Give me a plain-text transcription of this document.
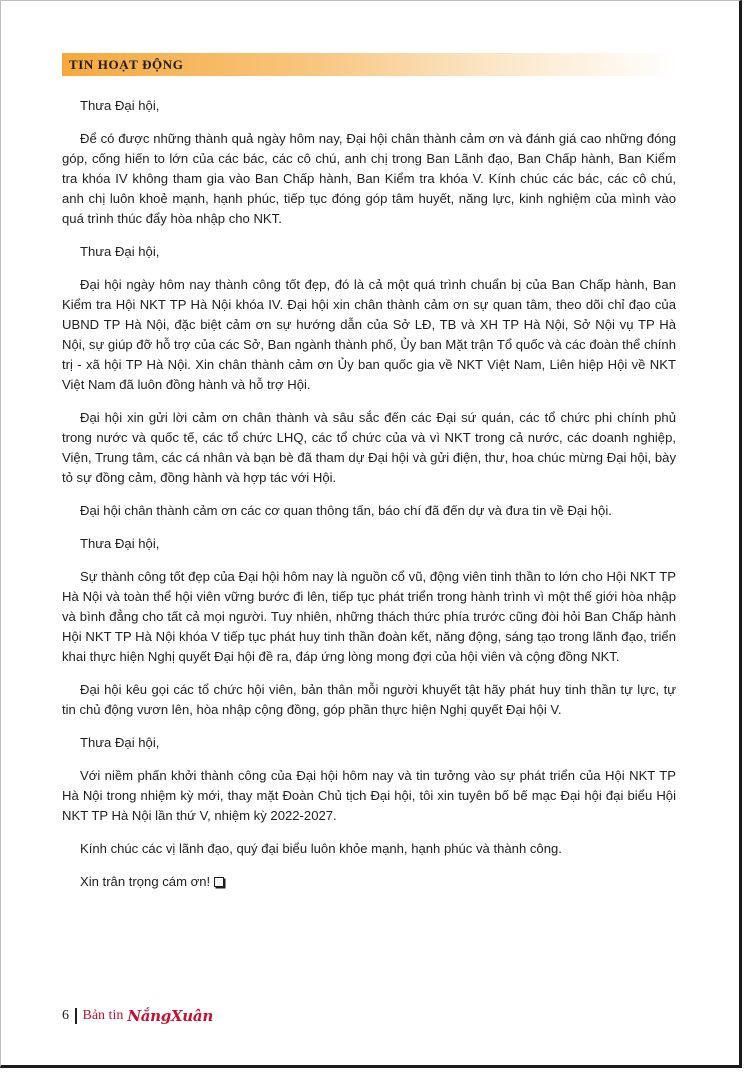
TIN HOẠT ĐỘNG

Thưa Đại hội,

Để có được những thành quả ngày hôm nay, Đại hội chân thành cảm ơn và đánh giá cao những đóng góp, cống hiến to lớn của các bác, các cô chú, anh chị trong Ban Lãnh đạo, Ban Chấp hành, Ban Kiểm tra khóa IV không tham gia vào Ban Chấp hành, Ban Kiểm tra khóa V. Kính chúc các bác, các cô chú, anh chị luôn khoẻ mạnh, hạnh phúc, tiếp tục đóng góp tâm huyết, năng lực, kinh nghiệm của mình vào quá trình thúc đẩy hòa nhập cho NKT.

Thưa Đại hội,

Đại hội ngày hôm nay thành công tốt đẹp, đó là cả một quá trình chuẩn bị của Ban Chấp hành, Ban Kiểm tra Hội NKT TP Hà Nội khóa IV. Đại hội xin chân thành cảm ơn sự quan tâm, theo dõi chỉ đạo của UBND TP Hà Nội, đặc biệt cảm ơn sự hướng dẫn của Sở LĐ, TB và XH TP Hà Nội, Sở Nội vụ TP Hà Nội, sự giúp đỡ hỗ trợ của các Sở, Ban ngành thành phố, Ủy ban Mặt trận Tổ quốc và các đoàn thể chính trị - xã hội TP Hà Nội. Xin chân thành cảm ơn Ủy ban quốc gia về NKT Việt Nam, Liên hiệp Hội về NKT Việt Nam đã luôn đồng hành và hỗ trợ Hội.

Đại hội xin gửi lời cảm ơn chân thành và sâu sắc đến các Đại sứ quán, các tổ chức phi chính phủ trong nước và quốc tế, các tổ chức LHQ, các tổ chức của và vì NKT trong cả nước, các doanh nghiệp, Viện, Trung tâm, các cá nhân và bạn bè đã tham dự Đại hội và gửi điện, thư, hoa chúc mừng Đại hội, bày tỏ sự đồng cảm, đồng hành và hợp tác với Hội.

Đại hội chân thành cảm ơn các cơ quan thông tấn, báo chí đã đến dự và đưa tin về Đại hội.

Thưa Đại hội,

Sự thành công tốt đẹp của Đại hội hôm nay là nguồn cổ vũ, động viên tinh thần to lớn cho Hội NKT TP Hà Nội và toàn thể hội viên vững bước đi lên, tiếp tục phát triển trong hành trình vì một thế giới hòa nhập và bình đẳng cho tất cả mọi người. Tuy nhiên, những thách thức phía trước cũng đòi hỏi Ban Chấp hành Hội NKT TP Hà Nội khóa V tiếp tục phát huy tinh thần đoàn kết, năng động, sáng tạo trong lãnh đạo, triển khai thực hiện Nghị quyết Đại hội đề ra, đáp ứng lòng mong đợi của hội viên và cộng đồng NKT.

Đại hội kêu gọi các tổ chức hội viên, bản thân mỗi người khuyết tật hãy phát huy tinh thần tự lực, tự tin chủ động vươn lên, hòa nhập cộng đồng, góp phần thực hiện Nghị quyết Đại hội V.

Thưa Đại hội,

Với niềm phấn khởi thành công của Đại hội hôm nay và tin tưởng vào sự phát triển của Hội NKT TP Hà Nội trong nhiệm kỳ mới, thay mặt Đoàn Chủ tịch Đại hội, tôi xin tuyên bố bế mạc Đại hội đại biểu Hội NKT TP Hà Nội lần thứ V, nhiệm kỳ 2022-2027.

Kính chúc các vị lãnh đạo, quý đại biểu luôn khỏe mạnh, hạnh phúc và thành công.

Xin trân trọng cám ơn!

6 Bản tin NắngXuân
